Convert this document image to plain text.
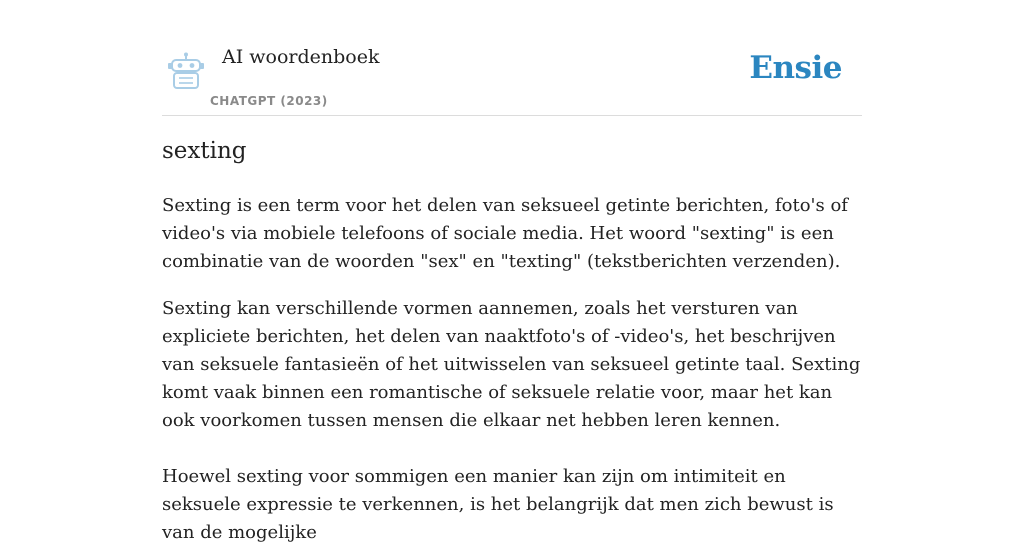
AI woordenboek
CHATGPT (2023)
Ensie
sexting

Sexting is een term voor het delen van seksueel getinte berichten, foto's of video's via mobiele telefoons of sociale media. Het woord "sexting" is een combinatie van de woorden "sex" en "texting" (tekstberichten verzenden).

Sexting kan verschillende vormen aannemen, zoals het versturen van expliciete berichten, het delen van naaktfoto's of -video's, het beschrijven van seksuele fantasieën of het uitwisselen van seksueel getinte taal. Sexting komt vaak binnen een romantische of seksuele relatie voor, maar het kan ook voorkomen tussen mensen die elkaar net hebben leren kennen.

Hoewel sexting voor sommigen een manier kan zijn om intimiteit en seksuele expressie te verkennen, is het belangrijk dat men zich bewust is van de mogelijke
